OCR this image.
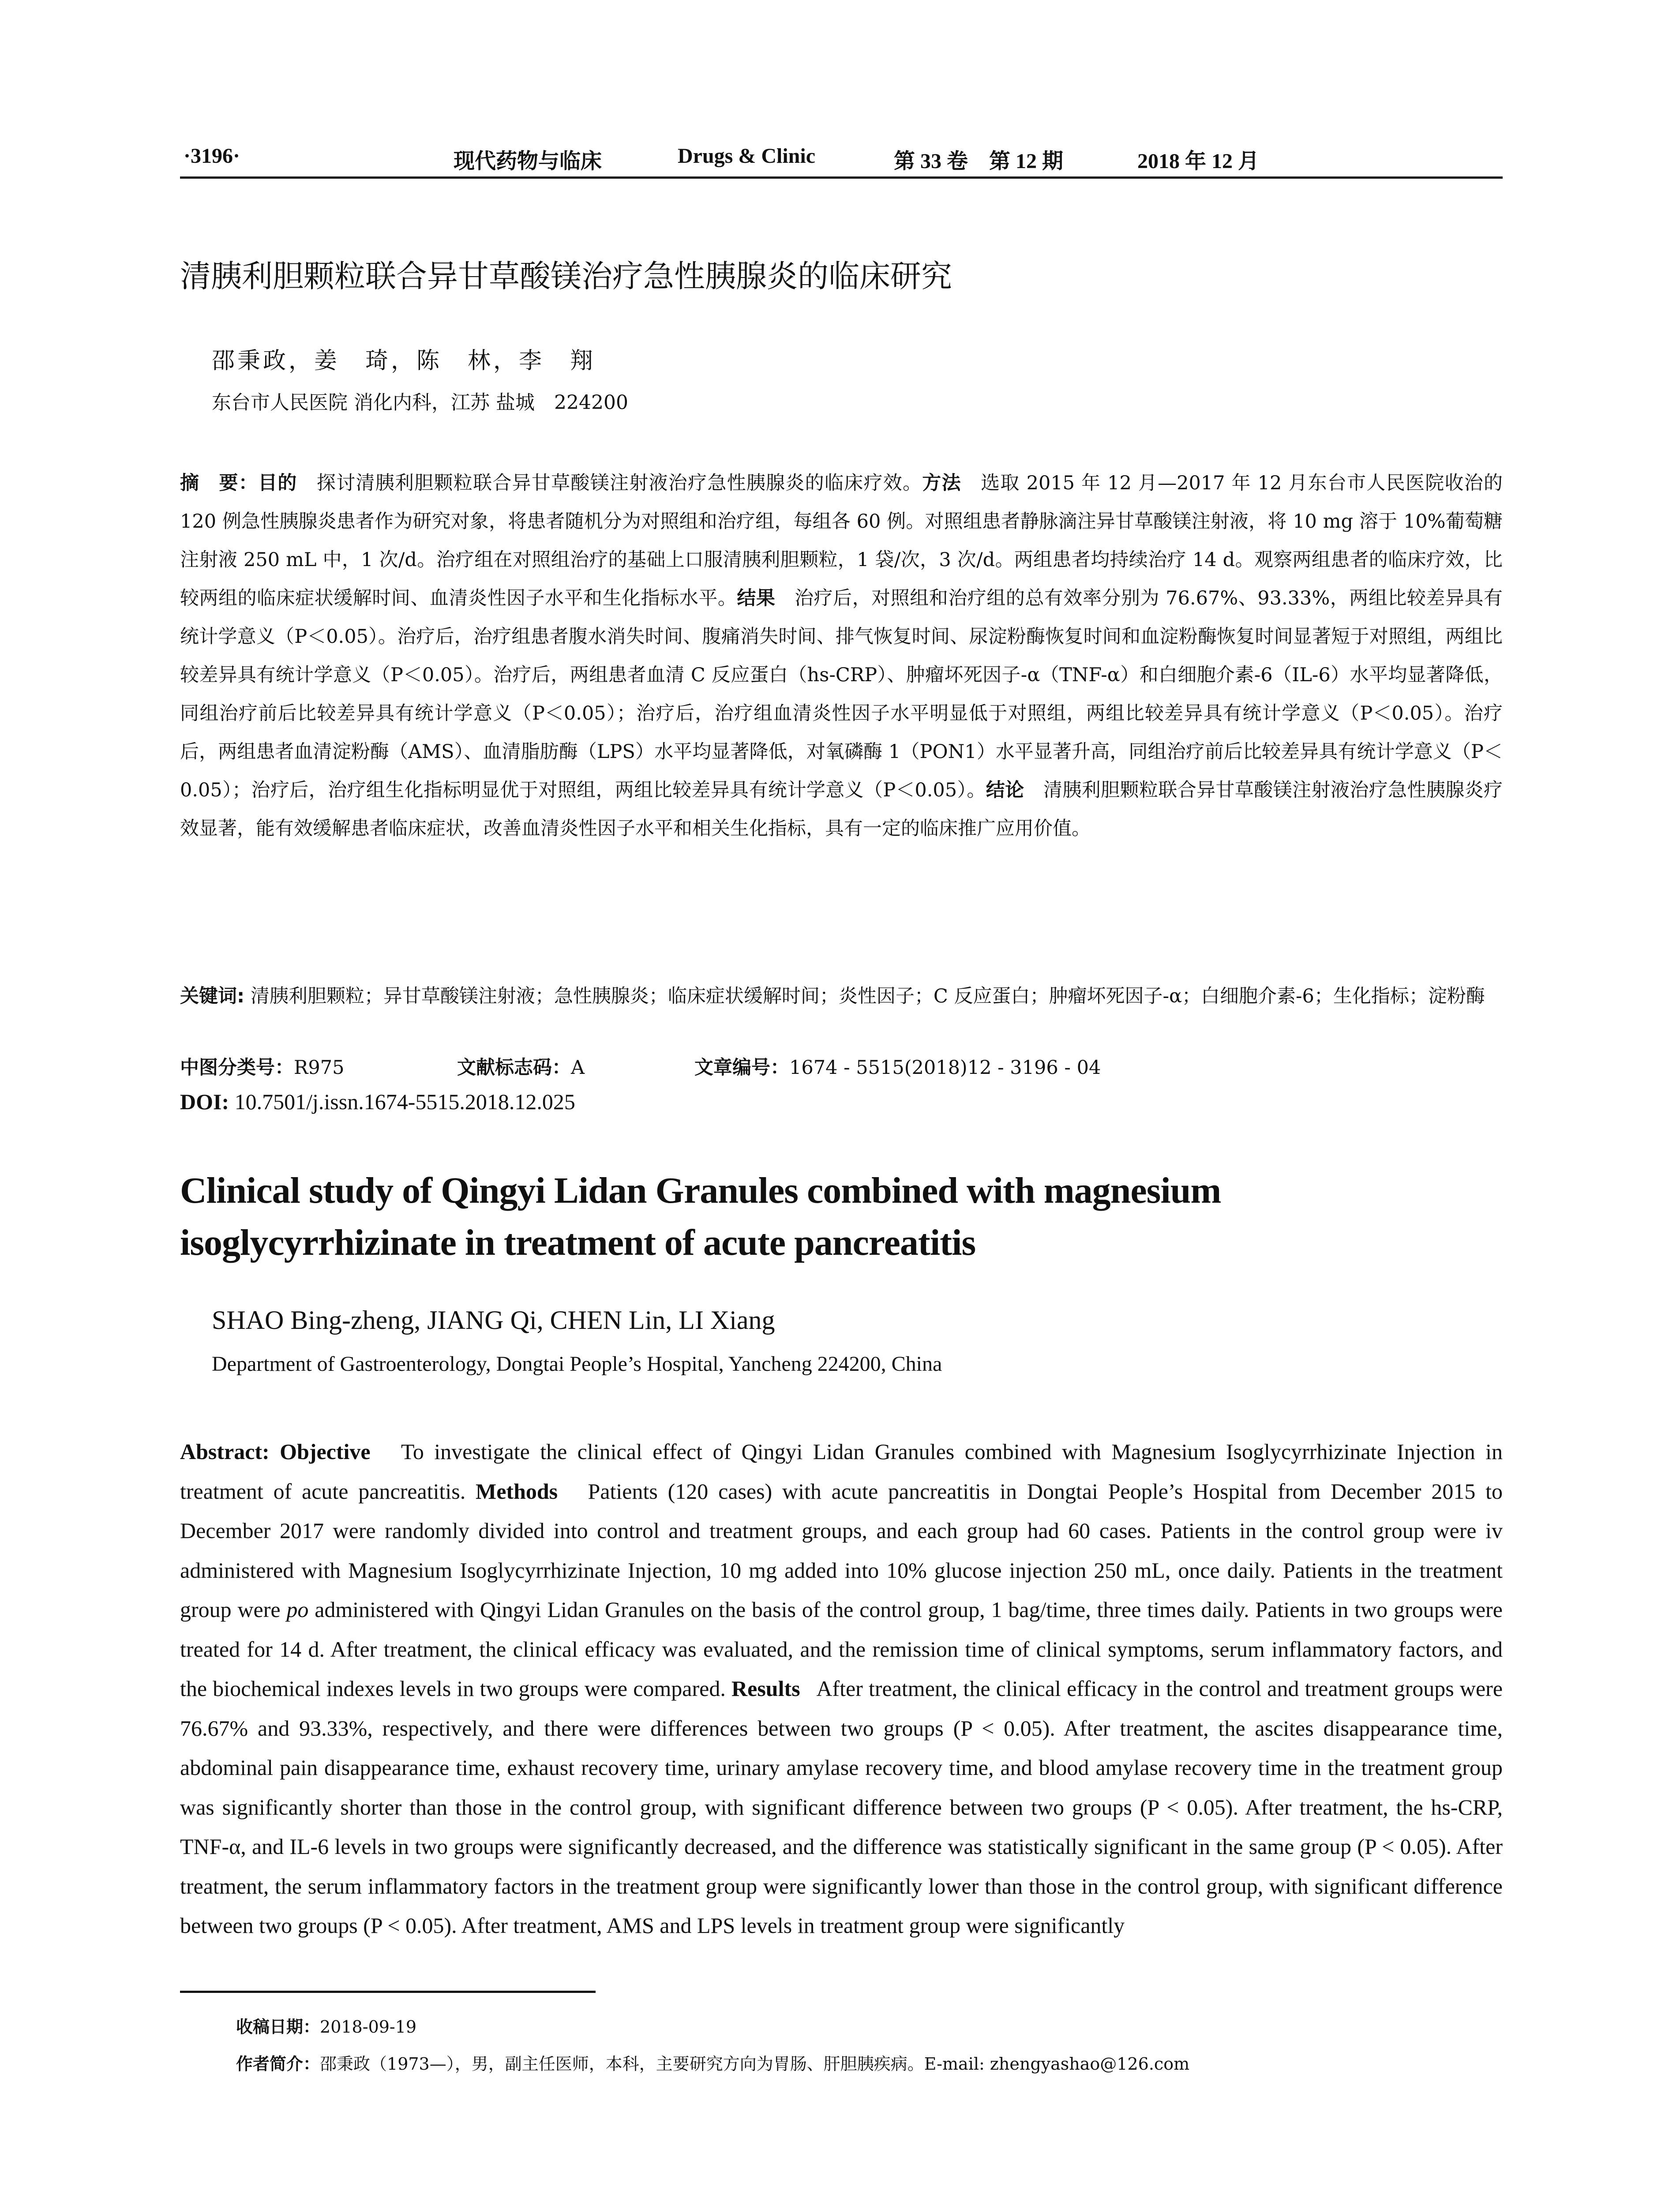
·3196·	现代药物与临床	Drugs & Clinic	第 33 卷　第 12 期	2018 年 12 月
清胰利胆颗粒联合异甘草酸镁治疗急性胰腺炎的临床研究
邵秉政，姜　琦，陈　林，李　翔
东台市人民医院 消化内科，江苏 盐城　224200
摘　要：目的　 探讨清胰利胆颗粒联合异甘草酸镁注射液治疗急性胰腺炎的临床疗效。方法　 选取 2015 年 12 月—2017 年 12 月东台市人民医院收治的 120 例急性胰腺炎患者作为研究对象，将患者随机分为对照组和治疗组，每组各 60 例。对照组患者静脉滴注异甘草酸镁注射液，将 10 mg 溶于 10%葡萄糖注射液 250 mL 中，1 次/d。治疗组在对照组治疗的基础上口服清胰利胆颗粒，1 袋/次，3 次/d。两组患者均持续治疗 14 d。观察两组患者的临床疗效，比较两组的临床症状缓解时间、血清炎性因子水平和生化指标水平。结果　 治疗后，对照组和治疗组的总有效率分别为 76.67%、93.33%，两组比较差异具有统计学意义（P＜0.05）。治疗后，治疗组患者腹水消失时间、腹痛消失时间、排气恢复时间、尿淀粉酶恢复时间和血淀粉酶恢复时间显著短于对照组，两组比较差异具有统计学意义（P＜0.05）。治疗后，两组患者血清 C 反应蛋白（hs-CRP）、肿瘤坏死因子-α（TNF-α）和白细胞介素-6（IL-6）水平均显著降低，同组治疗前后比较差异具有统计学意义（P＜0.05）；治疗后，治疗组血清炎性因子水平明显低于对照组，两组比较差异具有统计学意义（P＜0.05）。治疗后，两组患者血清淀粉酶（AMS）、血清脂肪酶（LPS）水平均显著降低，对氧磷酶 1（PON1）水平显著升高，同组治疗前后比较差异具有统计学意义（P＜0.05）；治疗后，治疗组生化指标明显优于对照组，两组比较差异具有统计学意义（P＜0.05）。结论　 清胰利胆颗粒联合异甘草酸镁注射液治疗急性胰腺炎疗效显著，能有效缓解患者临床症状，改善血清炎性因子水平和相关生化指标，具有一定的临床推广应用价值。
关键词: 清胰利胆颗粒；异甘草酸镁注射液；急性胰腺炎；临床症状缓解时间；炎性因子；C 反应蛋白；肿瘤坏死因子-α；白细胞介素-6；生化指标；淀粉酶
中图分类号：R975	文献标志码：A	文章编号：1674 - 5515(2018)12 - 3196 - 04
DOI: 10.7501/j.issn.1674-5515.2018.12.025
Clinical study of Qingyi Lidan Granules combined with magnesium isoglycyrrhizinate in treatment of acute pancreatitis
SHAO Bing-zheng, JIANG Qi, CHEN Lin, LI Xiang
Department of Gastroenterology, Dongtai People’s Hospital, Yancheng 224200, China
Abstract: Objective To investigate the clinical effect of Qingyi Lidan Granules combined with Magnesium Isoglycyrrhizinate Injection in treatment of acute pancreatitis. Methods Patients (120 cases) with acute pancreatitis in Dongtai People’s Hospital from December 2015 to December 2017 were randomly divided into control and treatment groups, and each group had 60 cases. Patients in the control group were iv administered with Magnesium Isoglycyrrhizinate Injection, 10 mg added into 10% glucose injection 250 mL, once daily. Patients in the treatment group were po administered with Qingyi Lidan Granules on the basis of the control group, 1 bag/time, three times daily. Patients in two groups were treated for 14 d. After treatment, the clinical efficacy was evaluated, and the remission time of clinical symptoms, serum inflammatory factors, and the biochemical indexes levels in two groups were compared. Results After treatment, the clinical efficacy in the control and treatment groups were 76.67% and 93.33%, respectively, and there were differences between two groups (P < 0.05). After treatment, the ascites disappearance time, abdominal pain disappearance time, exhaust recovery time, urinary amylase recovery time, and blood amylase recovery time in the treatment group was significantly shorter than those in the control group, with significant difference between two groups (P < 0.05). After treatment, the hs-CRP, TNF-α, and IL-6 levels in two groups were significantly decreased, and the difference was statistically significant in the same group (P < 0.05). After treatment, the serum inflammatory factors in the treatment group were significantly lower than those in the control group, with significant difference between two groups (P < 0.05). After treatment, AMS and LPS levels in treatment group were significantly
收稿日期：2018-09-19
作者简介：邵秉政（1973—），男，副主任医师，本科，主要研究方向为胃肠、肝胆胰疾病。E-mail: zhengyashao@126.com
